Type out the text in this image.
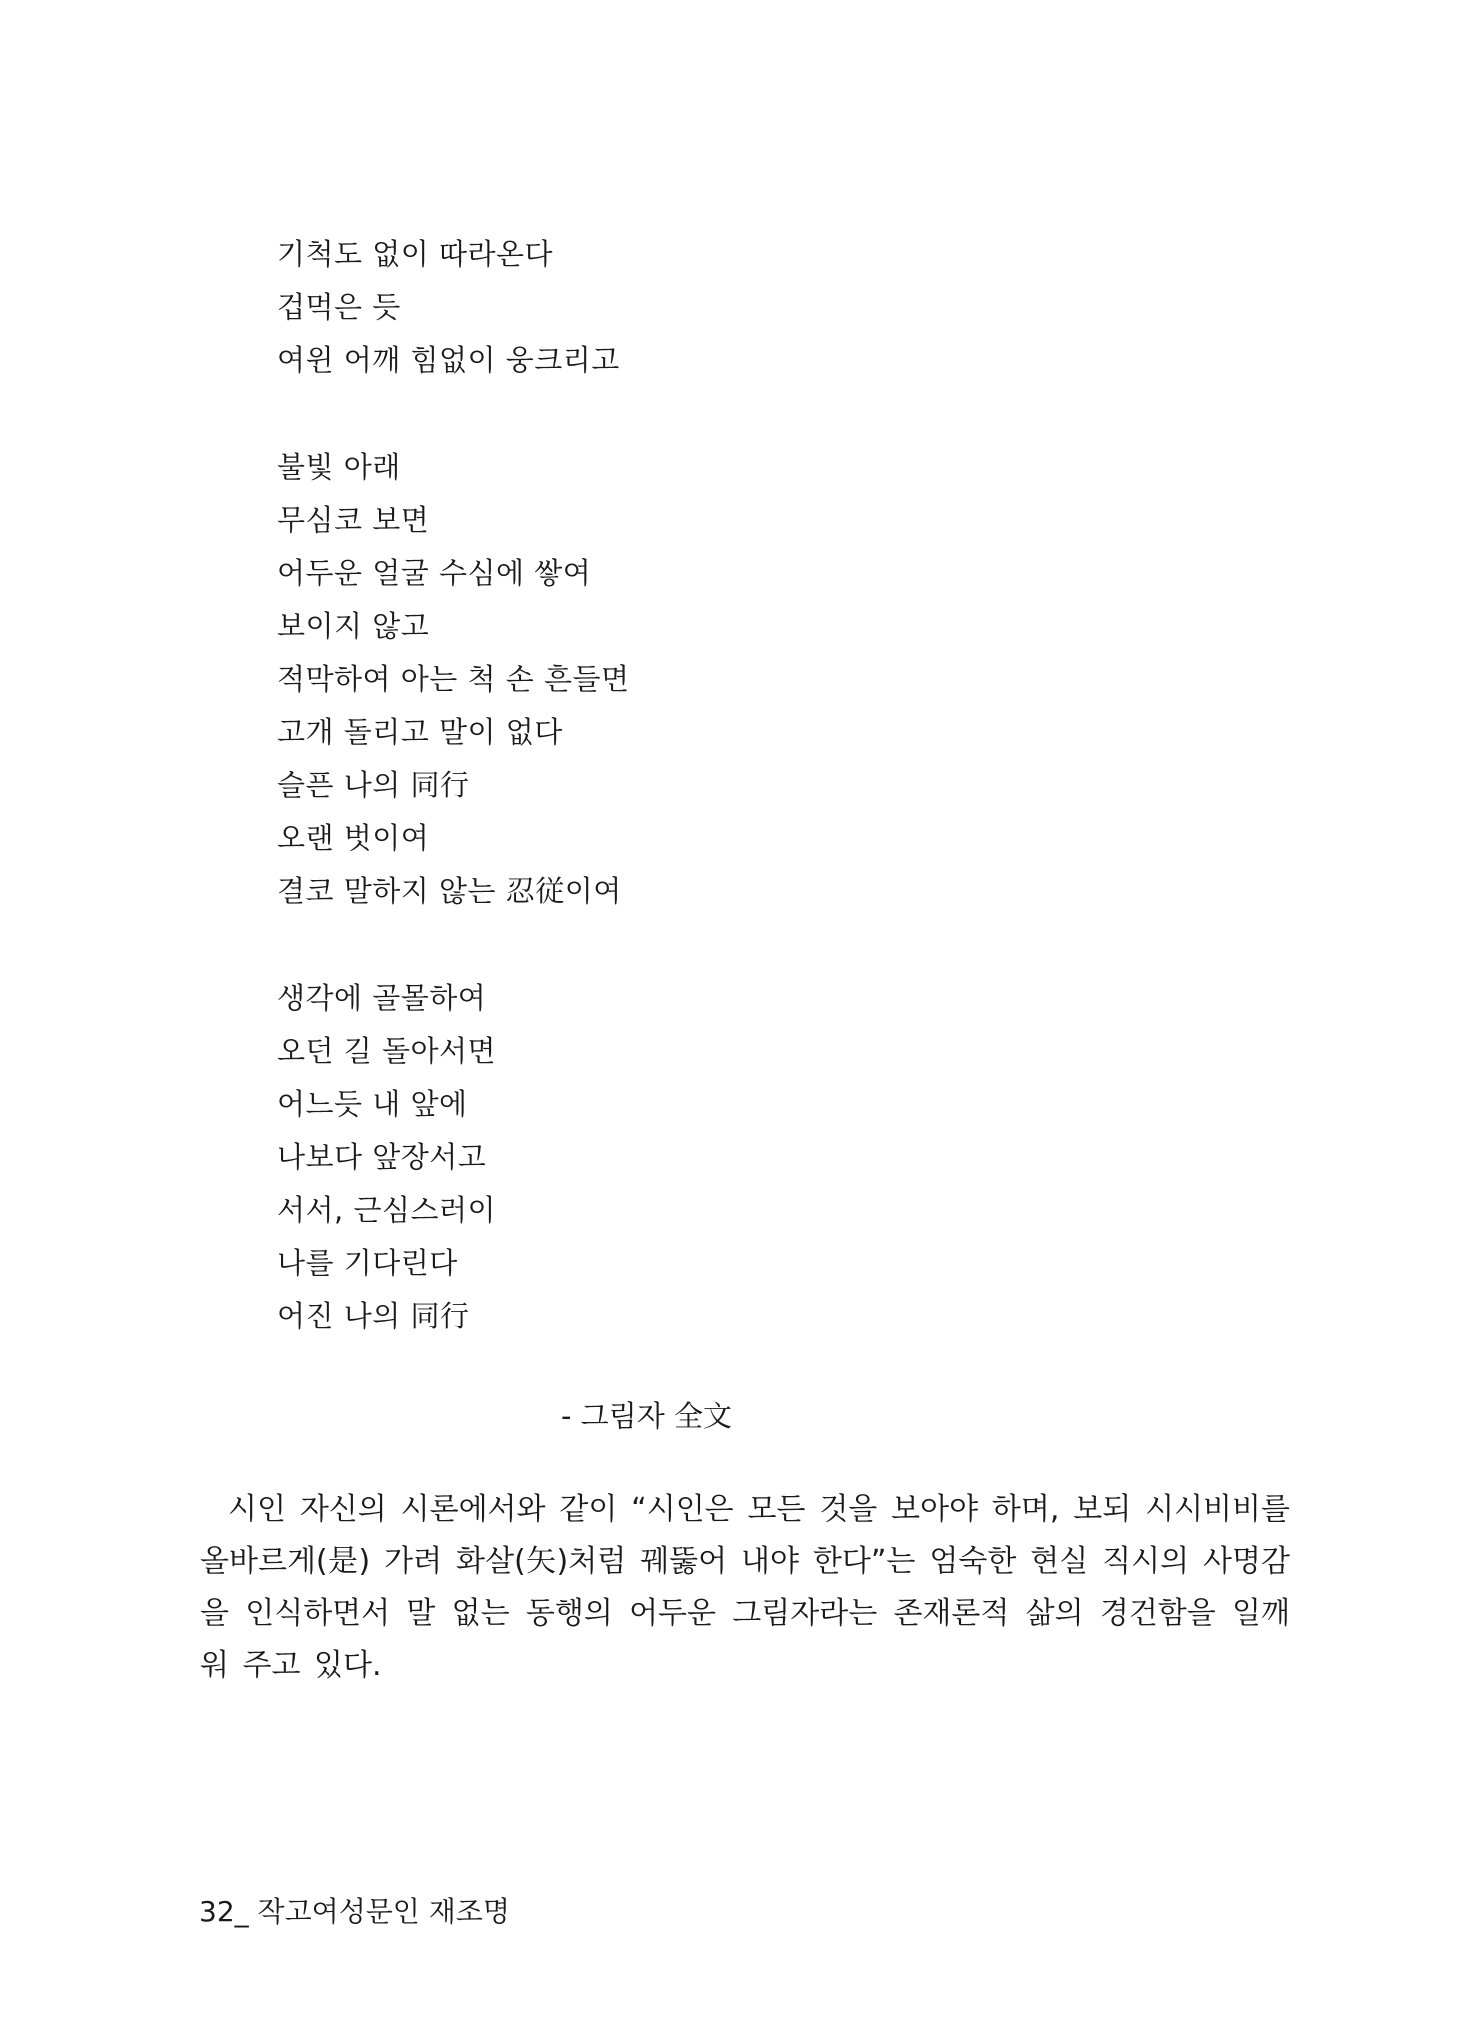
기척도 없이 따라온다
겁먹은 듯
여윈 어깨 힘없이 웅크리고
불빛 아래
무심코 보면
어두운 얼굴 수심에 쌓여
보이지 않고
적막하여 아는 척 손 흔들면
고개 돌리고 말이 없다
슬픈 나의 同行
오랜 벗이여
결코 말하지 않는 忍従이여
생각에 골몰하여
오던 길 돌아서면
어느듯 내 앞에
나보다 앞장서고
서서, 근심스러이
나를 기다린다
어진 나의 同行
- 그림자 全文

시인 자신의 시론에서와 같이 “시인은 모든 것을 보아야 하며, 보되 시시비비를 올바르게(是) 가려 화살(矢)처럼 꿰뚫어 내야 한다”는 엄숙한 현실 직시의 사명감을 인식하면서 말 없는 동행의 어두운 그림자라는 존재론적 삶의 경건함을 일깨워 주고 있다.

32_ 작고여성문인 재조명
